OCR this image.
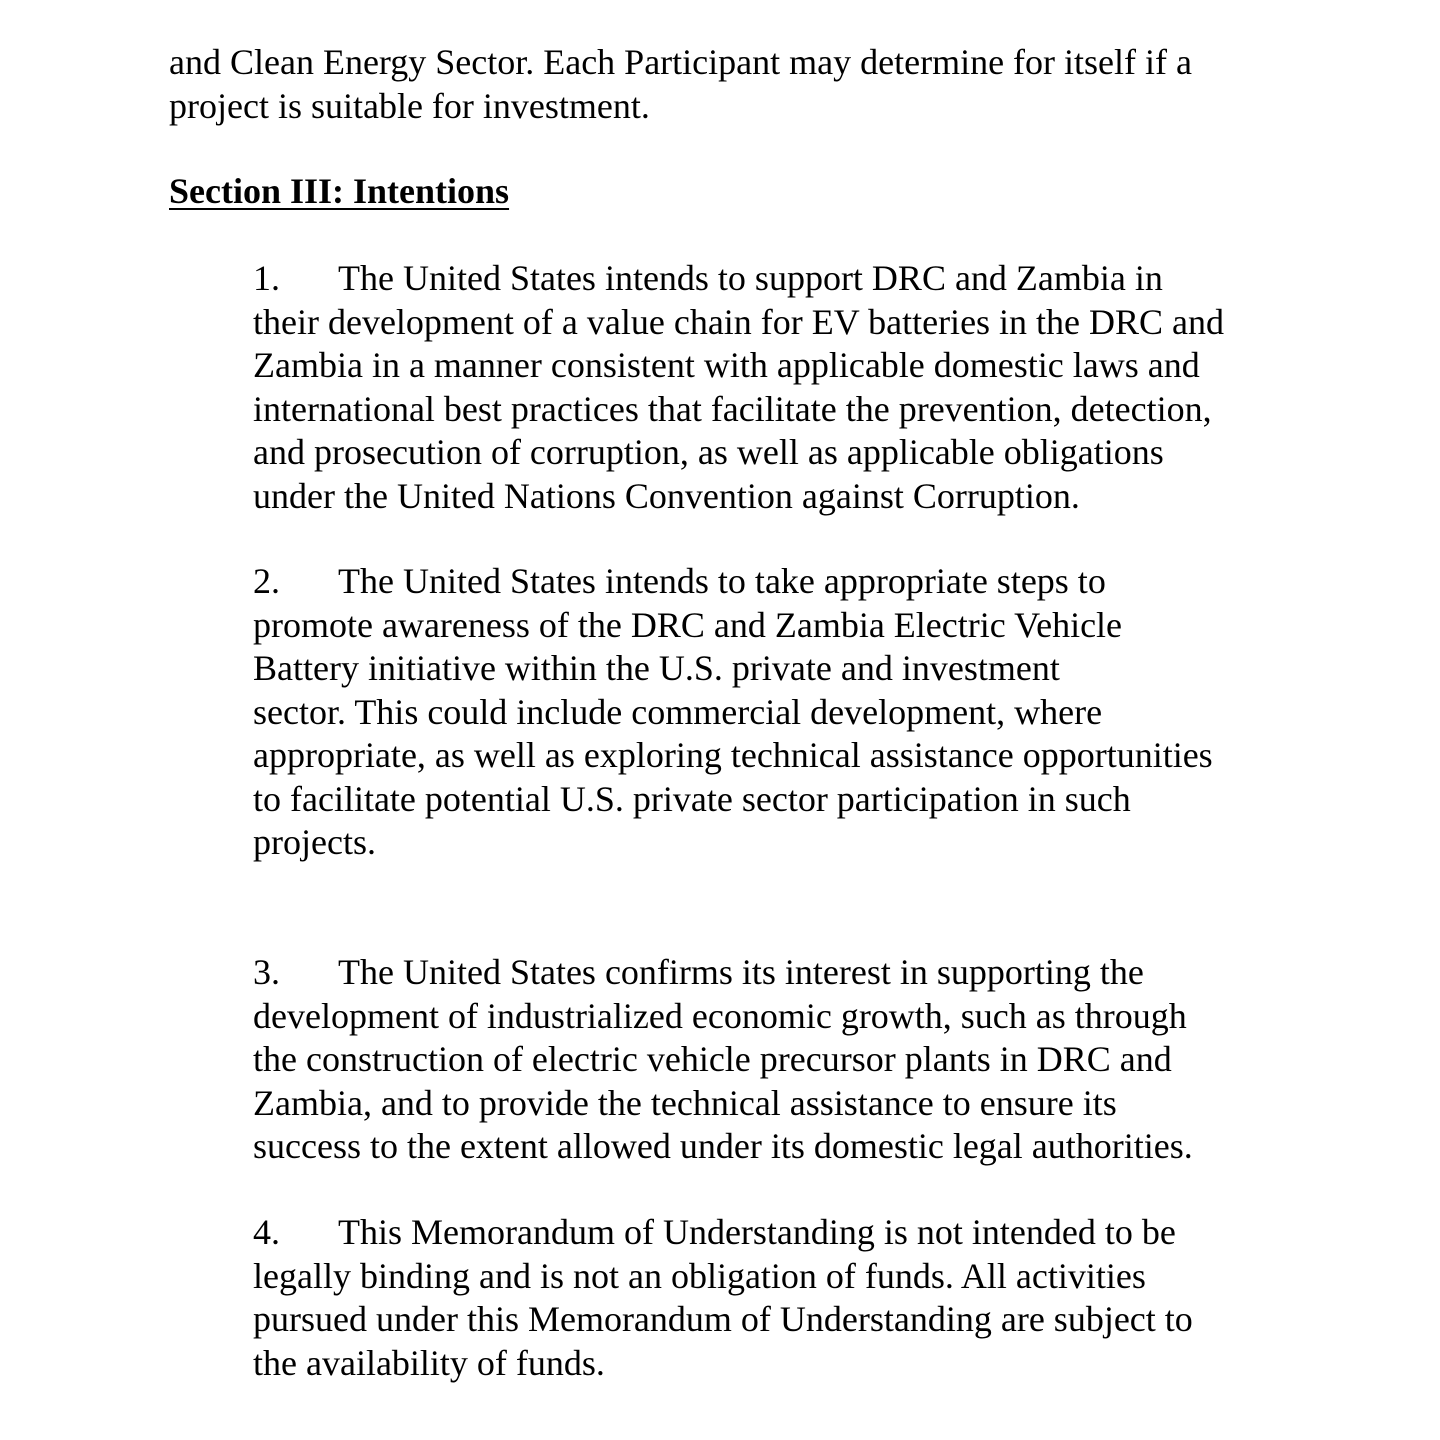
and Clean Energy Sector. Each Participant may determine for itself if a
project is suitable for investment.

Section III: Intentions

1. The United States intends to support DRC and Zambia in
their development of a value chain for EV batteries in the DRC and
Zambia in a manner consistent with applicable domestic laws and
international best practices that facilitate the prevention, detection,
and prosecution of corruption, as well as applicable obligations
under the United Nations Convention against Corruption.

2. The United States intends to take appropriate steps to
promote awareness of the DRC and Zambia Electric Vehicle
Battery initiative within the U.S. private and investment
sector. This could include commercial development, where
appropriate, as well as exploring technical assistance opportunities
to facilitate potential U.S. private sector participation in such
projects.

3. The United States confirms its interest in supporting the
development of industrialized economic growth, such as through
the construction of electric vehicle precursor plants in DRC and
Zambia, and to provide the technical assistance to ensure its
success to the extent allowed under its domestic legal authorities.

4. This Memorandum of Understanding is not intended to be
legally binding and is not an obligation of funds. All activities
pursued under this Memorandum of Understanding are subject to
the availability of funds.
